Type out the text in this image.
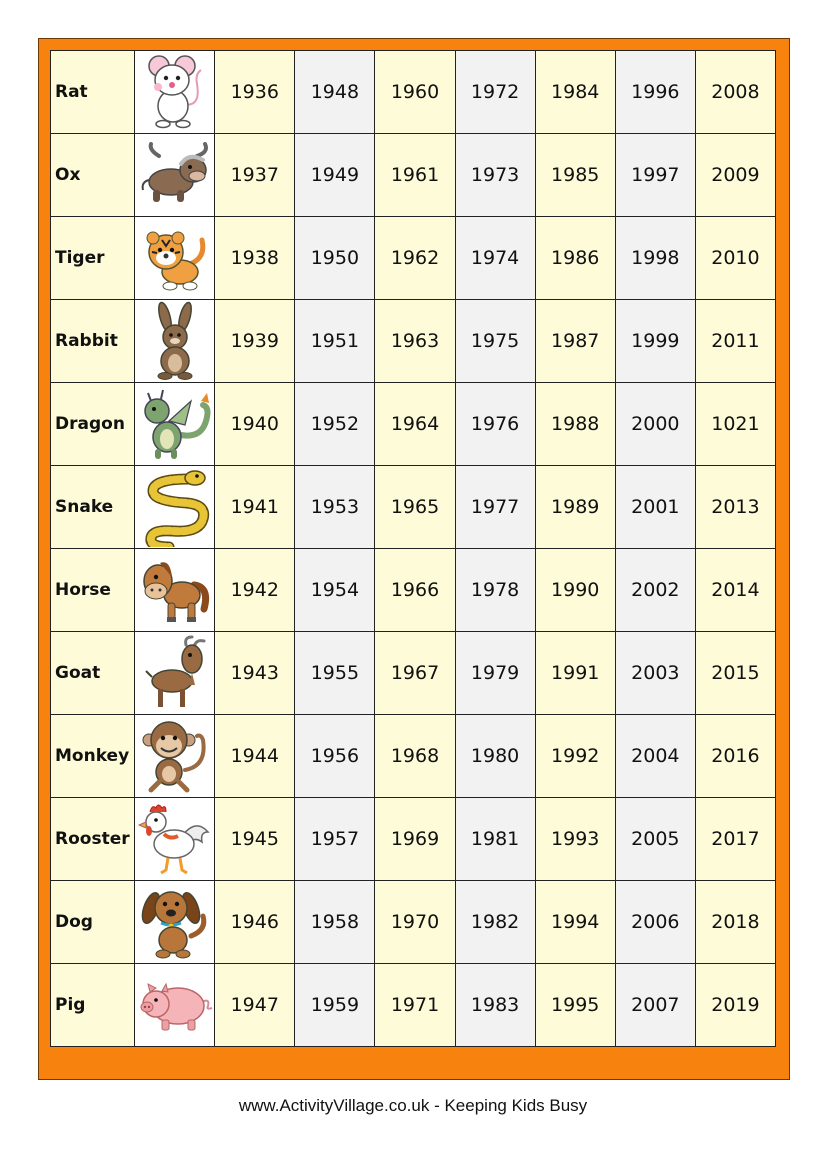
Rat		1936	1948	1960	1972	1984	1996	2008
Ox		1937	1949	1961	1973	1985	1997	2009
Tiger		1938	1950	1962	1974	1986	1998	2010
Rabbit		1939	1951	1963	1975	1987	1999	2011
Dragon		1940	1952	1964	1976	1988	2000	1021
Snake		1941	1953	1965	1977	1989	2001	2013
Horse		1942	1954	1966	1978	1990	2002	2014
Goat		1943	1955	1967	1979	1991	2003	2015
Monkey		1944	1956	1968	1980	1992	2004	2016
Rooster		1945	1957	1969	1981	1993	2005	2017
Dog		1946	1958	1970	1982	1994	2006	2018
Pig		1947	1959	1971	1983	1995	2007	2019
www.ActivityVillage.co.uk - Keeping Kids Busy
